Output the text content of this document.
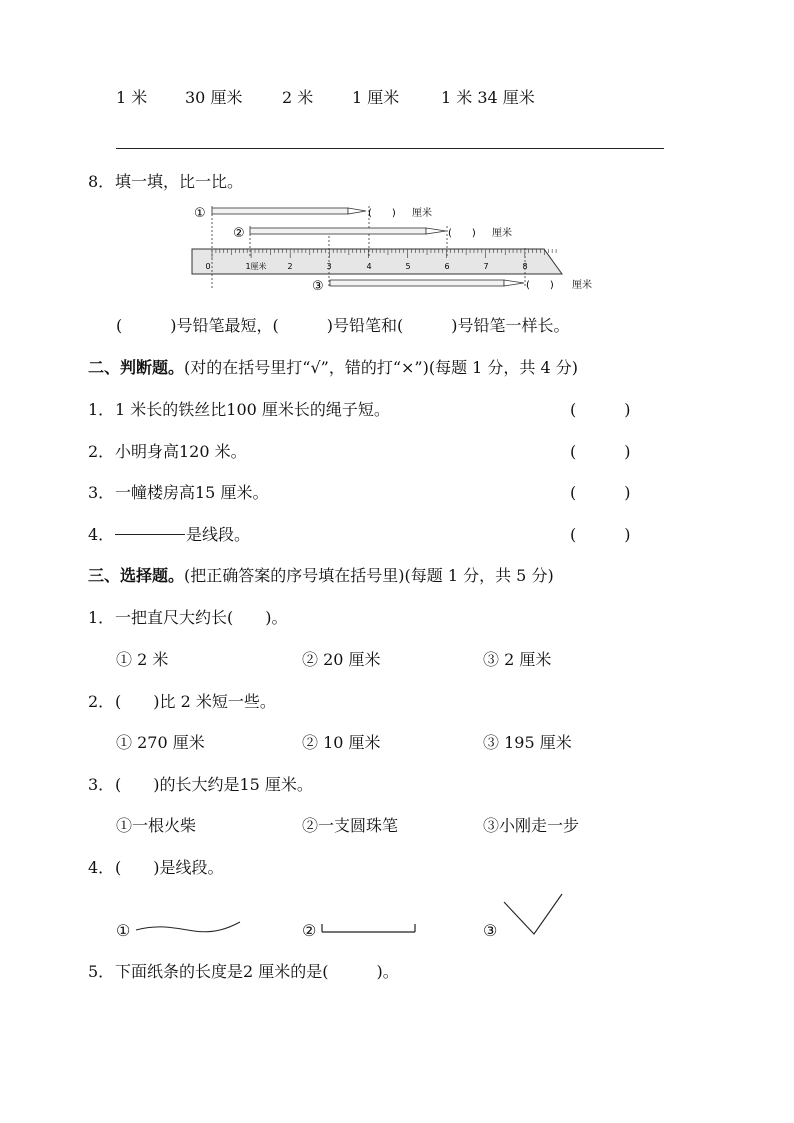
1 米 30 厘米 2 米 1 厘米	1 米 34 厘米
8． 填一填，比一比。
0	1厘米	2	3	4	5	6	7	8
①	(　　) 厘米
②	(　　) 厘米
③	(　　) 厘米
(　　　)号铅笔最短，(　　　)号铅笔和(　　　)号铅笔一样长。
二、判断题。(对的在括号里打“√”，错的打“×”)(每题 1 分，共 4 分)
1． 1 米长的铁丝比100 厘米长的绳子短。	(　　　)
2． 小明身高120 米。	(　　　)
3． 一幢楼房高15 厘米。	(　　　)
4．	是线段。	(　　　)
三、选择题。(把正确答案的序号填在括号里)(每题 1 分，共 5 分)
1． 一把直尺大约长(　　)。
① 2 米	② 20 厘米	③ 2 厘米
2． (　　)比 2 米短一些。
① 270 厘米	② 10 厘米	③ 195 厘米
3． (　　)的长大约是15 厘米。
①一根火柴	②一支圆珠笔	③小刚走一步
4． (　　)是线段。
①	②	③
5． 下面纸条的长度是2 厘米的是(　　　)。
